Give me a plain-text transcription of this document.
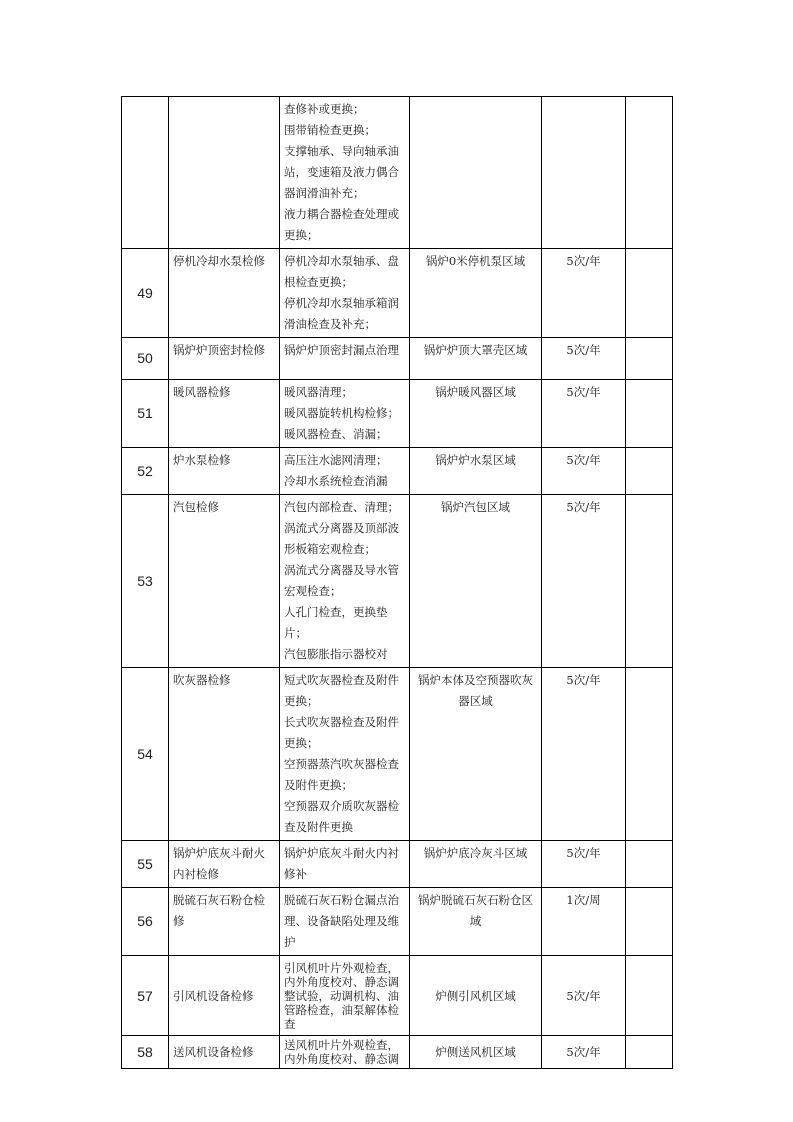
		查修补或更换；
围带销检查更换；
支撑轴承、导向轴承油站，变速箱及液力偶合器润滑油补充；
液力耦合器检查处理或更换；			

49	停机冷却水泵检修	停机冷却水泵轴承、盘根检查更换；
停机冷却水泵轴承箱润滑油检查及补充；	锅炉0米停机泵区域	5次/年	
50	锅炉炉顶密封检修	锅炉炉顶密封漏点治理	锅炉炉顶大罩壳区域	5次/年	
51	暖风器检修	暖风器清理；
暖风器旋转机构检修；
暖风器检查、消漏；	锅炉暖风器区域	5次/年	
52	炉水泵检修	高压注水滤网清理；
冷却水系统检查消漏	锅炉炉水泵区域	5次/年	
53	汽包检修	汽包内部检查、清理；
涡流式分离器及顶部波形板箱宏观检查；
涡流式分离器及导水管宏观检查；
人孔门检查，更换垫片；
汽包膨胀指示器校对	锅炉汽包区域	5次/年	
54	吹灰器检修	短式吹灰器检查及附件更换；
长式吹灰器检查及附件更换；
空预器蒸汽吹灰器检查及附件更换；
空预器双介质吹灰器检查及附件更换	锅炉本体及空预器吹灰器区域	5次/年	
55	锅炉炉底灰斗耐火内衬检修	锅炉炉底灰斗耐火内衬修补	锅炉炉底冷灰斗区域	5次/年	
56	脱硫石灰石粉仓检修	脱硫石灰石粉仓漏点治理、设备缺陷处理及维护	锅炉脱硫石灰石粉仓区域	1次/周	
57	引风机设备检修	引风机叶片外观检查，内外角度校对、静态调整试验，动调机构、油管路检查，油泵解体检查	炉侧引风机区域	5次/年	
58	送风机设备检修	送风机叶片外观检查，内外角度校对、静态调	炉侧送风机区域	5次/年	
